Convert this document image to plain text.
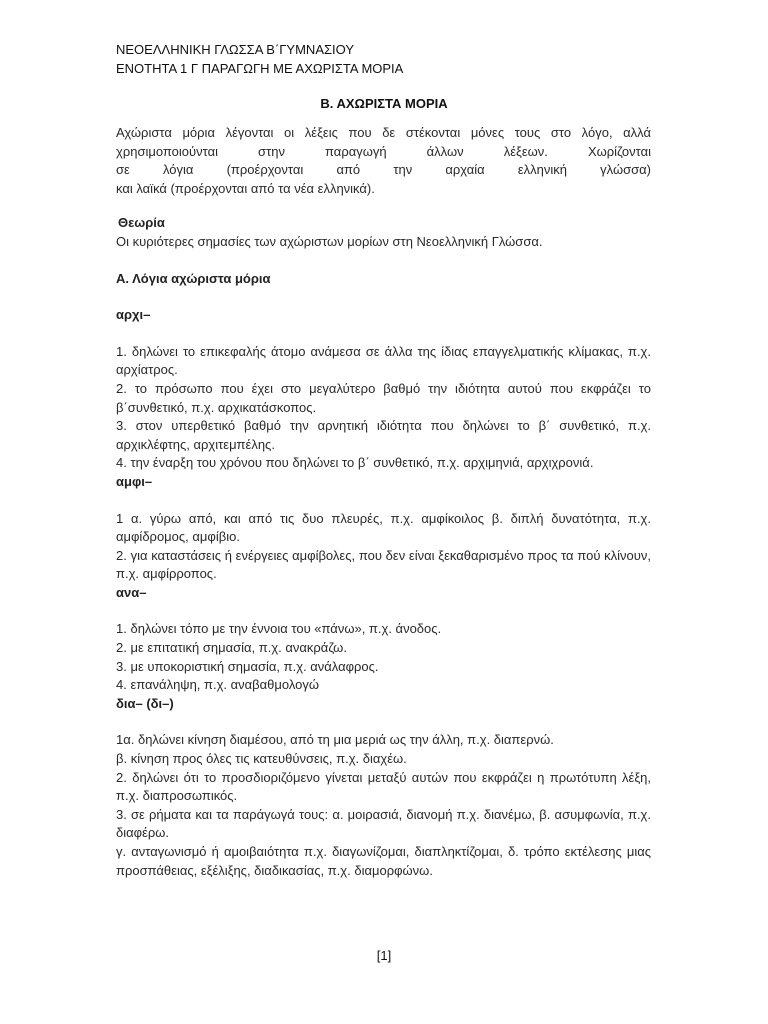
ΝΕΟΕΛΛΗΝΙΚΗ ΓΛΩΣΣΑ Β΄ΓΥΜΝΑΣΙΟΥ
ΕΝΟΤΗΤΑ 1 Γ ΠΑΡΑΓΩΓΗ ΜΕ ΑΧΩΡΙΣΤΑ ΜΟΡΙΑ
Β. ΑΧΩΡΙΣΤΑ ΜΟΡΙΑ

Αχώριστα μόρια λέγονται οι λέξεις που δε στέκονται μόνες τους στο λόγο, αλλά

χρησιμοποιούνται στην παραγωγή άλλων λέξεων. Χωρίζονται

σε λόγια (προέρχονται από την αρχαία ελληνική γλώσσα)

και λαϊκά (προέρχονται από τα νέα ελληνικά).

Θεωρία

Οι κυριότερες σημασίες των αχώριστων μορίων στη Νεοελληνική Γλώσσα.

Α. Λόγια αχώριστα μόρια

αρχι–

1. δηλώνει το επικεφαλής άτομο ανάμεσα σε άλλα της ίδιας επαγγελματικής κλίμακας, π.χ. αρχίατρος.

2. το πρόσωπο που έχει στο μεγαλύτερο βαθμό την ιδιότητα αυτού που εκφράζει το β΄συνθετικό, π.χ. αρχικατάσκοπος.

3. στον υπερθετικό βαθμό την αρνητική ιδιότητα που δηλώνει το β΄ συνθετικό, π.χ. αρχικλέφτης, αρχιτεμπέλης.

4. την έναρξη του χρόνου που δηλώνει το β΄ συνθετικό, π.χ. αρχιμηνιά, αρχιχρονιά.

αμφι–

1 α. γύρω από, και από τις δυο πλευρές, π.χ. αμφίκοιλος β. διπλή δυνατότητα, π.χ. αμφίδρομος, αμφίβιο.

2. για καταστάσεις ή ενέργειες αμφίβολες, που δεν είναι ξεκαθαρισμένο προς τα πού κλίνουν, π.χ. αμφίρροπος.

ανα–

1. δηλώνει τόπο με την έννοια του «πάνω», π.χ. άνοδος.

2. με επιτατική σημασία, π.χ. ανακράζω.

3. με υποκοριστική σημασία, π.χ. ανάλαφρος.

4. επανάληψη, π.χ. αναβαθμολογώ

δια– (δι–)

1α. δηλώνει κίνηση διαμέσου, από τη μια μεριά ως την άλλη, π.χ. διαπερνώ.

β. κίνηση προς όλες τις κατευθύνσεις, π.χ. διαχέω.

2. δηλώνει ότι το προσδιοριζόμενο γίνεται μεταξύ αυτών που εκφράζει η πρωτότυπη λέξη, π.χ. διαπροσωπικός.

3. σε ρήματα και τα παράγωγά τους: α. μοιρασιά, διανομή π.χ. διανέμω, β. ασυμφωνία, π.χ. διαφέρω.

γ. ανταγωνισμό ή αμοιβαιότητα π.χ. διαγωνίζομαι, διαπληκτίζομαι, δ. τρόπο εκτέλεσης μιας προσπάθειας, εξέλιξης, διαδικασίας, π.χ. διαμορφώνω.

[1]
